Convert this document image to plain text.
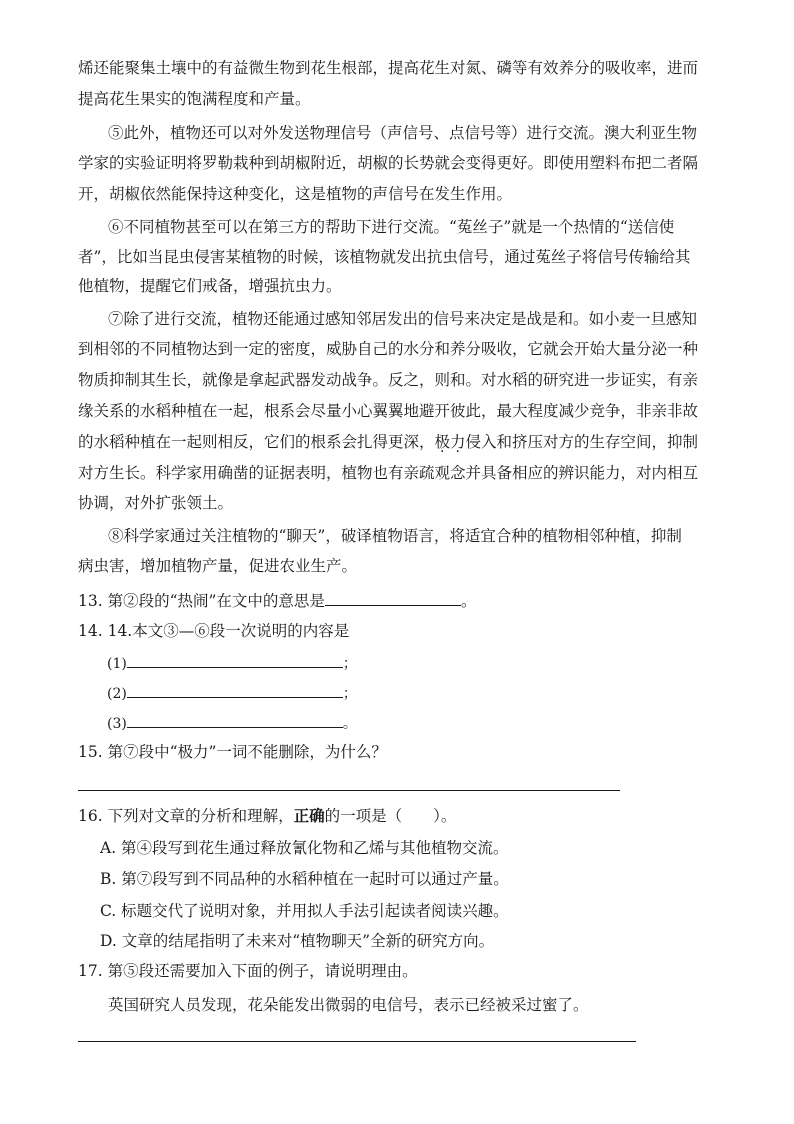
烯还能聚集土壤中的有益微生物到花生根部，提高花生对氮、磷等有效养分的吸收率，进而
提高花生果实的饱满程度和产量。
⑤此外，植物还可以对外发送物理信号（声信号、点信号等）进行交流。澳大利亚生物
学家的实验证明将罗勒栽种到胡椒附近，胡椒的长势就会变得更好。即使用塑料布把二者隔
开，胡椒依然能保持这种变化，这是植物的声信号在发生作用。
⑥不同植物甚至可以在第三方的帮助下进行交流。“菟丝子”就是一个热情的“送信使
者”，比如当昆虫侵害某植物的时候，该植物就发出抗虫信号，通过菟丝子将信号传输给其
他植物，提醒它们戒备，增强抗虫力。
⑦除了进行交流，植物还能通过感知邻居发出的信号来决定是战是和。如小麦一旦感知
到相邻的不同植物达到一定的密度，威胁自己的水分和养分吸收，它就会开始大量分泌一种
物质抑制其生长，就像是拿起武器发动战争。反之，则和。对水稻的研究进一步证实，有亲
缘关系的水稻种植在一起，根系会尽量小心翼翼地避开彼此，最大程度减少竞争，非亲非故
的水稻种植在一起则相反，它们的根系会扎得更深，极力侵入和挤压对方的生存空间，抑制
对方生长。科学家用确凿的证据表明，植物也有亲疏观念并具备相应的辨识能力，对内相互
协调，对外扩张领土。
⑧科学家通过关注植物的“聊天”，破译植物语言，将适宜合种的植物相邻种植，抑制
病虫害，增加植物产量，促进农业生产。
13. 第②段的“热闹”在文中的意思是	。
14. 14.本文③—⑥段一次说明的内容是
(1)	；
(2)	；
(3)	。
15. 第⑦段中“极力”一词不能删除，为什么？
16. 下列对文章的分析和理解，正确的一项是（　　）。
A. 第④段写到花生通过释放氰化物和乙烯与其他植物交流。
B. 第⑦段写到不同品种的水稻种植在一起时可以通过产量。
C. 标题交代了说明对象，并用拟人手法引起读者阅读兴趣。
D. 文章的结尾指明了未来对“植物聊天”全新的研究方向。
17. 第⑤段还需要加入下面的例子，请说明理由。
英国研究人员发现，花朵能发出微弱的电信号，表示已经被采过蜜了。
